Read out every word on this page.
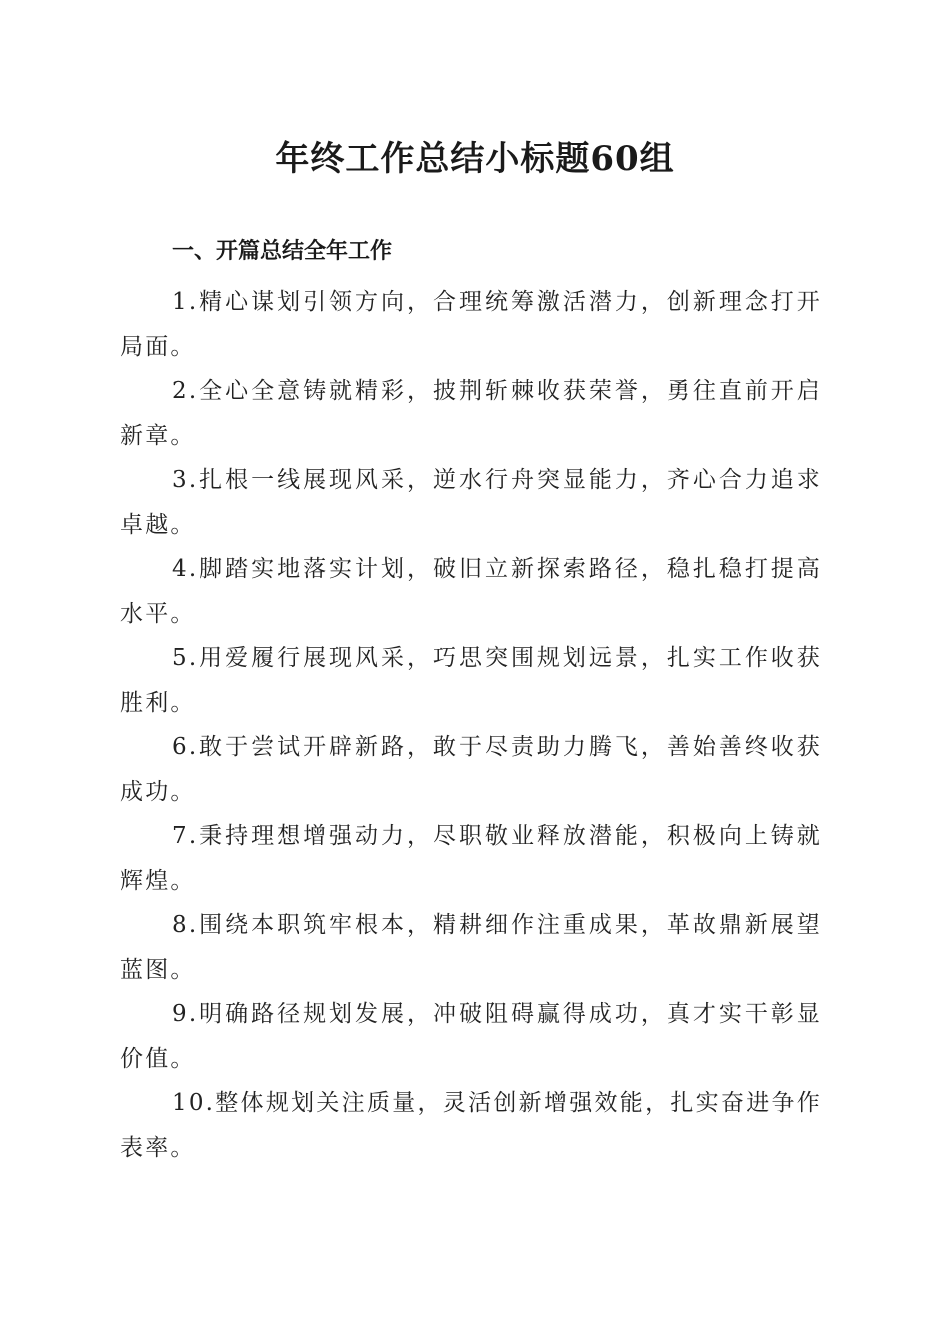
年终工作总结小标题60组
一、开篇总结全年工作
1.精心谋划引领方向，合理统筹激活潜力，创新理念打开局面。
2.全心全意铸就精彩，披荆斩棘收获荣誉，勇往直前开启新章。
3.扎根一线展现风采，逆水行舟突显能力，齐心合力追求卓越。
4.脚踏实地落实计划，破旧立新探索路径，稳扎稳打提高水平。
5.用爱履行展现风采，巧思突围规划远景，扎实工作收获胜利。
6.敢于尝试开辟新路，敢于尽责助力腾飞，善始善终收获成功。
7.秉持理想增强动力，尽职敬业释放潜能，积极向上铸就辉煌。
8.围绕本职筑牢根本，精耕细作注重成果，革故鼎新展望蓝图。
9.明确路径规划发展，冲破阻碍赢得成功，真才实干彰显价值。
10.整体规划关注质量，灵活创新增强效能，扎实奋进争作表率。
